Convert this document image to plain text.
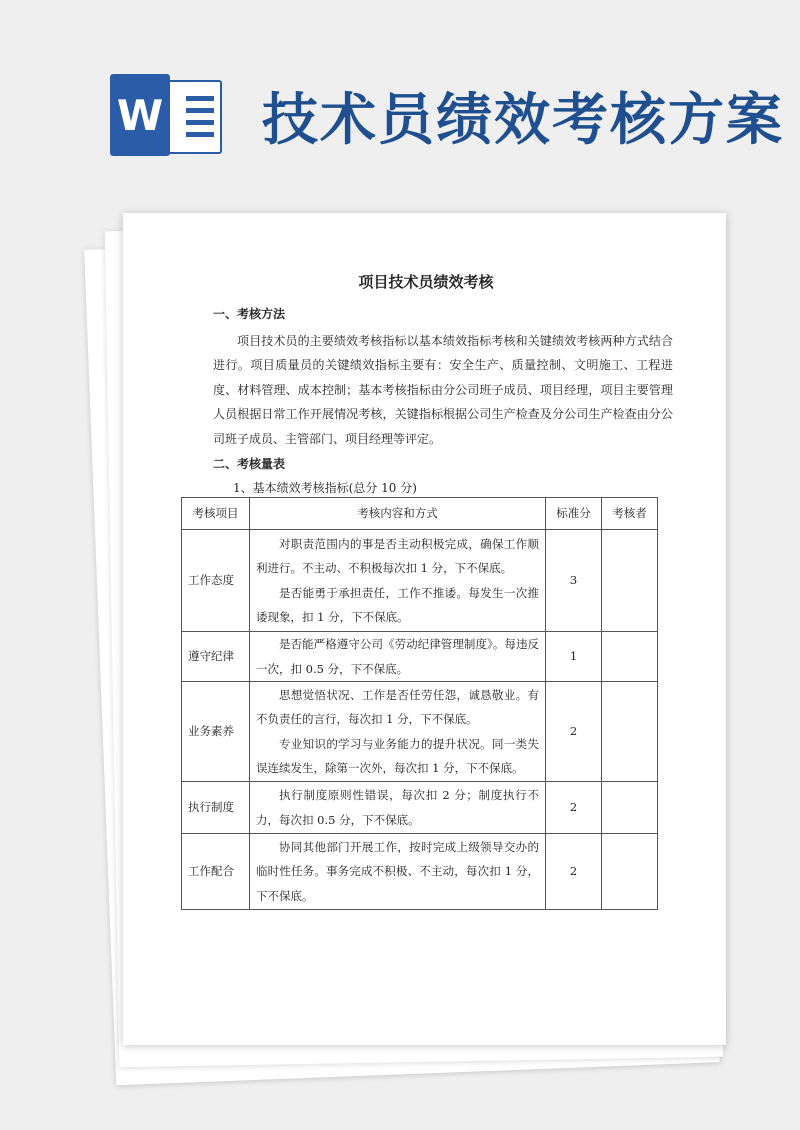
W 技术员绩效考核方案
项目技术员绩效考核
一、考核方法

项目技术员的主要绩效考核指标以基本绩效指标考核和关键绩效考核两种方式结合进行。项目质量员的关键绩效指标主要有：安全生产、质量控制、文明施工、工程进度、材料管理、成本控制；基本考核指标由分公司班子成员、项目经理，项目主要管理人员根据日常工作开展情况考核，关键指标根据公司生产检查及分公司生产检查由分公司班子成员、主管部门、项目经理等评定。

二、考核量表
1、基本绩效考核指标(总分 10 分)
考核项目	考核内容和方式	标准分	考核者
工作态度	对职责范围内的事是否主动积极完成，确保工作顺利进行。不主动、不积极每次扣 1 分，下不保底。

是否能勇于承担责任，工作不推诿。每发生一次推诿现象，扣 1 分，下不保底。	3	
遵守纪律	是否能严格遵守公司《劳动纪律管理制度》。每违反一次，扣 0.5 分，下不保底。	1	
业务素养	思想觉悟状况、工作是否任劳任怨，诚恳敬业。有不负责任的言行，每次扣 1 分，下不保底。

专业知识的学习与业务能力的提升状况。同一类失误连续发生，除第一次外，每次扣 1 分，下不保底。	2	
执行制度	执行制度原则性错误，每次扣 2 分；制度执行不力，每次扣 0.5 分，下不保底。	2	
工作配合	协同其他部门开展工作，按时完成上级领导交办的临时性任务。事务完成不积极、不主动，每次扣 1 分，下不保底。	2	
